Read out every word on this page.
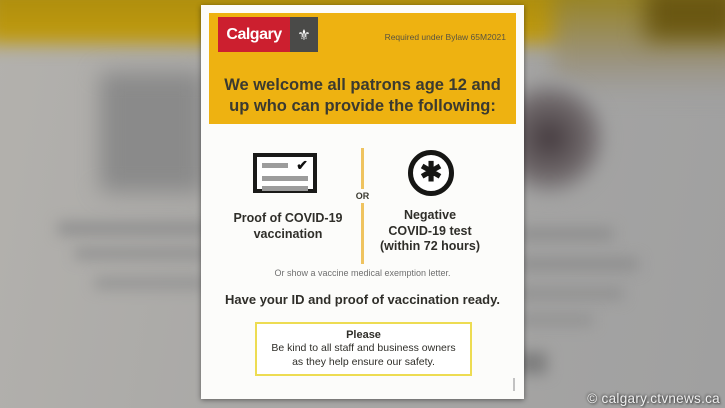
Calgary ⚜	Required under Bylaw 65M2021
We welcome all patrons age 12 and
up who can provide the following:
✔
OR
✱
Proof of COVID-19
vaccination
Negative
COVID-19 test
(within 72 hours)
Or show a vaccine medical exemption letter.
Have your ID and proof of vaccination ready.
Please
Be kind to all staff and business owners
as they help ensure our safety.
© calgary.ctvnews.ca
